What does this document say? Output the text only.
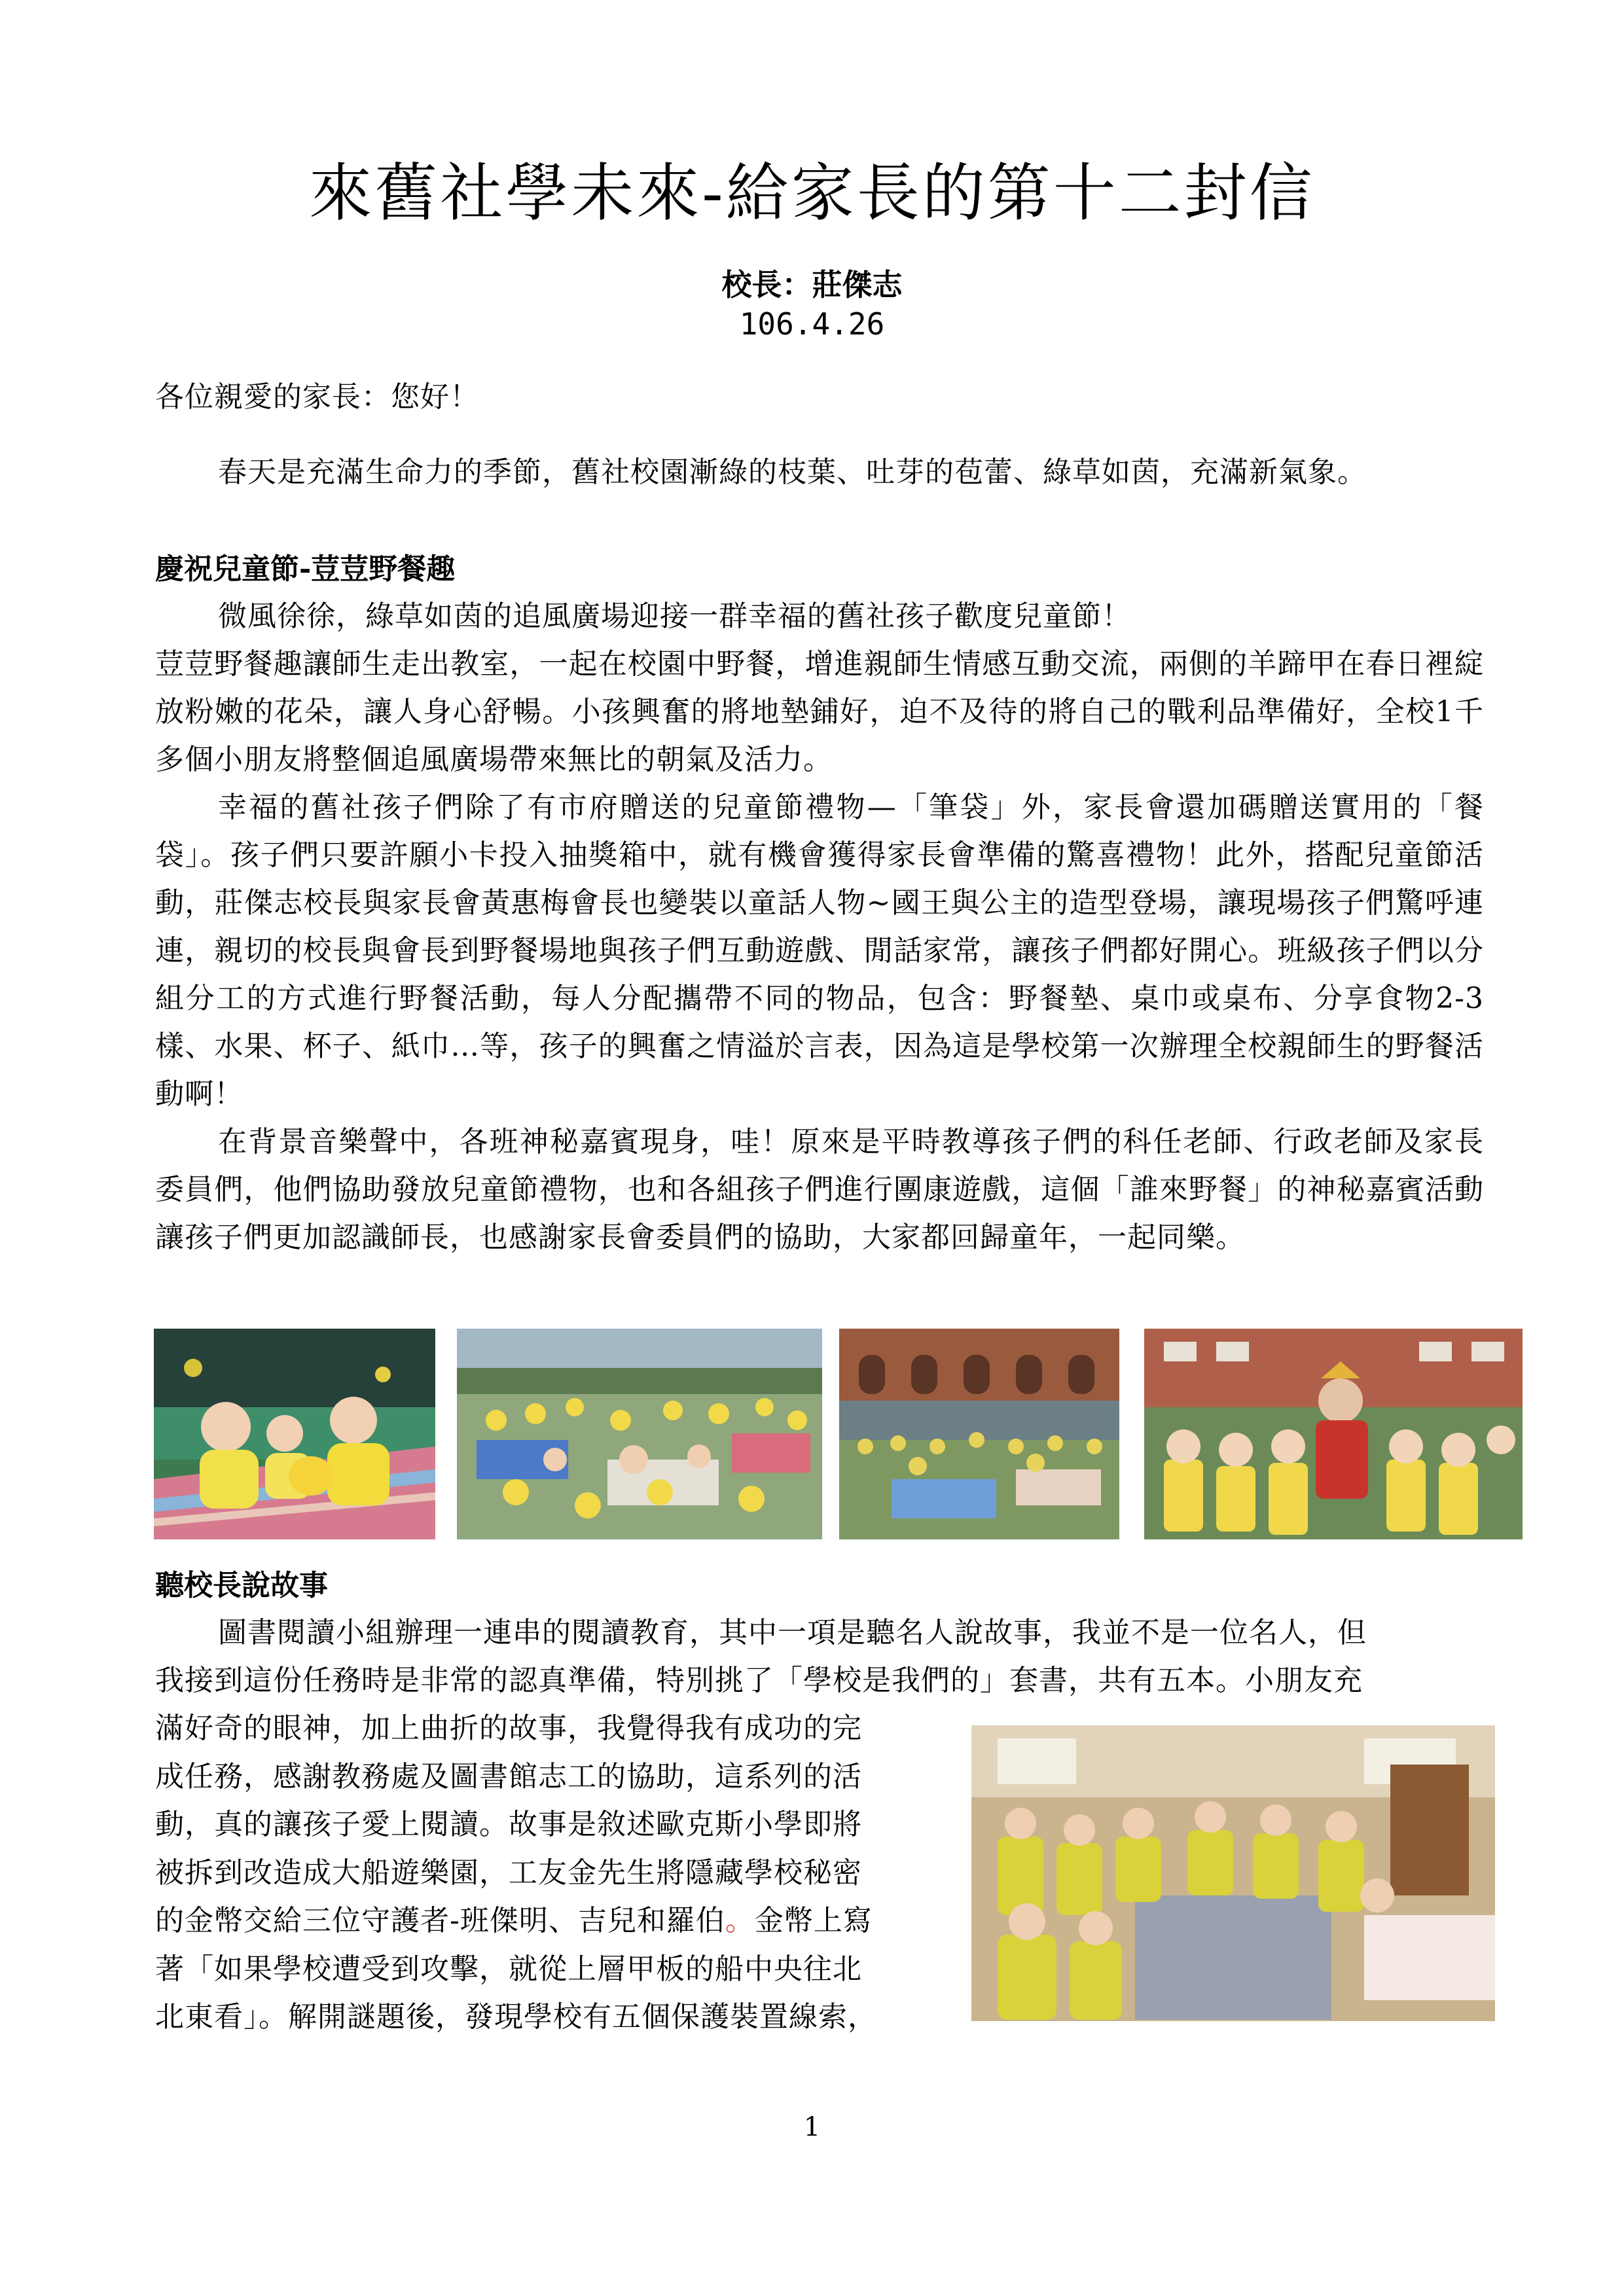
來舊社學未來-給家長的第十二封信
校長：莊傑志
106.4.26
各位親愛的家長：您好！
春天是充滿生命力的季節，舊社校園漸綠的枝葉、吐芽的苞蕾、綠草如茵，充滿新氣象。
慶祝兒童節-荳荳野餐趣

微風徐徐，綠草如茵的追風廣場迎接一群幸福的舊社孩子歡度兒童節！

荳荳野餐趣讓師生走出教室，一起在校園中野餐，增進親師生情感互動交流，兩側的羊蹄甲在春日裡綻放粉嫩的花朵，讓人身心舒暢。小孩興奮的將地墊鋪好，迫不及待的將自己的戰利品準備好，全校1千多個小朋友將整個追風廣場帶來無比的朝氣及活力。

幸福的舊社孩子們除了有市府贈送的兒童節禮物—「筆袋」外，家長會還加碼贈送實用的「餐袋」。孩子們只要許願小卡投入抽獎箱中，就有機會獲得家長會準備的驚喜禮物！此外，搭配兒童節活動，莊傑志校長與家長會黃惠梅會長也變裝以童話人物~國王與公主的造型登場，讓現場孩子們驚呼連連，親切的校長與會長到野餐場地與孩子們互動遊戲、閒話家常，讓孩子們都好開心。班級孩子們以分組分工的方式進行野餐活動，每人分配攜帶不同的物品，包含：野餐墊、桌巾或桌布、分享食物2-3樣、水果、杯子、紙巾…等，孩子的興奮之情溢於言表，因為這是學校第一次辦理全校親師生的野餐活動啊！

在背景音樂聲中，各班神秘嘉賓現身，哇！原來是平時教導孩子們的科任老師、行政老師及家長委員們，他們協助發放兒童節禮物，也和各組孩子們進行團康遊戲，這個「誰來野餐」的神秘嘉賓活動讓孩子們更加認識師長，也感謝家長會委員們的協助，大家都回歸童年，一起同樂。

聽校長說故事
圖書閱讀小組辦理一連串的閱讀教育，其中一項是聽名人說故事，我並不是一位名人，但
我接到這份任務時是非常的認真準備，特別挑了「學校是我們的」套書，共有五本。小朋友充

滿好奇的眼神，加上曲折的故事，我覺得我有成功的完

成任務，感謝教務處及圖書館志工的協助，這系列的活

動，真的讓孩子愛上閱讀。故事是敘述歐克斯小學即將

被拆到改造成大船遊樂園，工友金先生將隱藏學校秘密

的金幣交給三位守護者-班傑明、吉兒和羅伯。金幣上寫

著「如果學校遭受到攻擊，就從上層甲板的船中央往北

北東看」。解開謎題後，發現學校有五個保護裝置線索，

1
